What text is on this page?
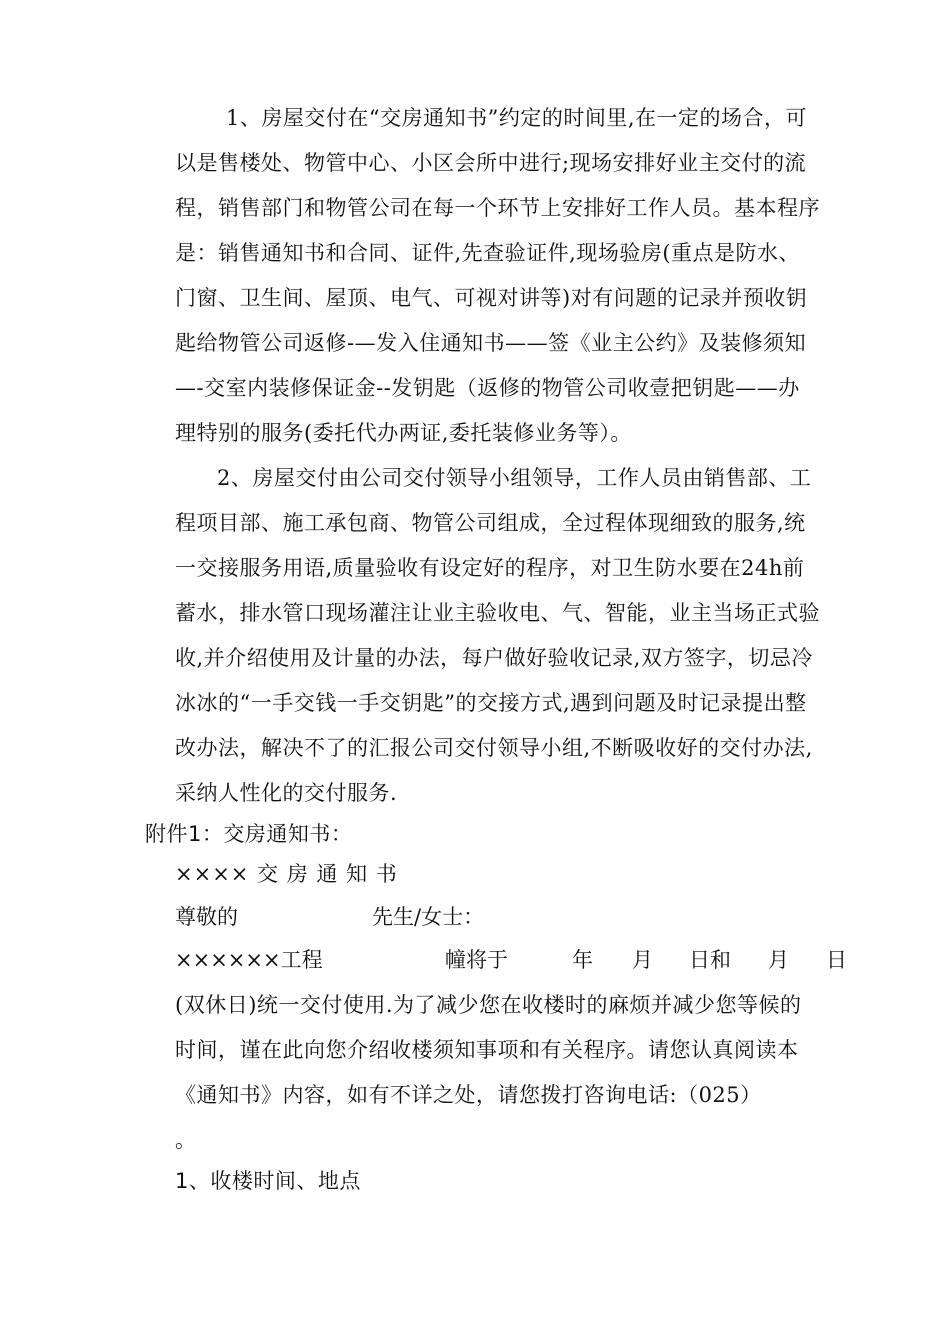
1、房屋交付在“交房通知书”约定的时间里,在一定的场合，可
以是售楼处、物管中心、小区会所中进行;现场安排好业主交付的流
程，销售部门和物管公司在每一个环节上安排好工作人员。基本程序
是：销售通知书和合同、证件,先查验证件,现场验房(重点是防水、
门窗、卫生间、屋顶、电气、可视对讲等)对有问题的记录并预收钥
匙给物管公司返修-—发入住通知书——签《业主公约》及装修须知
—-交室内装修保证金--发钥匙（返修的物管公司收壹把钥匙——办
理特别的服务(委托代办两证,委托装修业务等）。
2、房屋交付由公司交付领导小组领导，工作人员由销售部、工
程项目部、施工承包商、物管公司组成，全过程体现细致的服务,统
一交接服务用语,质量验收有设定好的程序，对卫生防水要在24h前
蓄水，排水管口现场灌注让业主验收电、气、智能，业主当场正式验
收,并介绍使用及计量的办法，每户做好验收记录,双方签字，切忌冷
冰冰的“一手交钱一手交钥匙”的交接方式,遇到问题及时记录提出整
改办法，解决不了的汇报公司交付领导小组,不断吸收好的交付办法,
采纳人性化的交付服务.
附件1：交房通知书：
×××× 交 房 通 知 书
尊敬的	先生/女士：
××××××工程	幢将于	年 月 日和 月 日
(双休日)统一交付使用.为了减少您在收楼时的麻烦并减少您等候的
时间，谨在此向您介绍收楼须知事项和有关程序。请您认真阅读本
《通知书》内容，如有不详之处，请您拨打咨询电话:（025）
。
1、收楼时间、地点
